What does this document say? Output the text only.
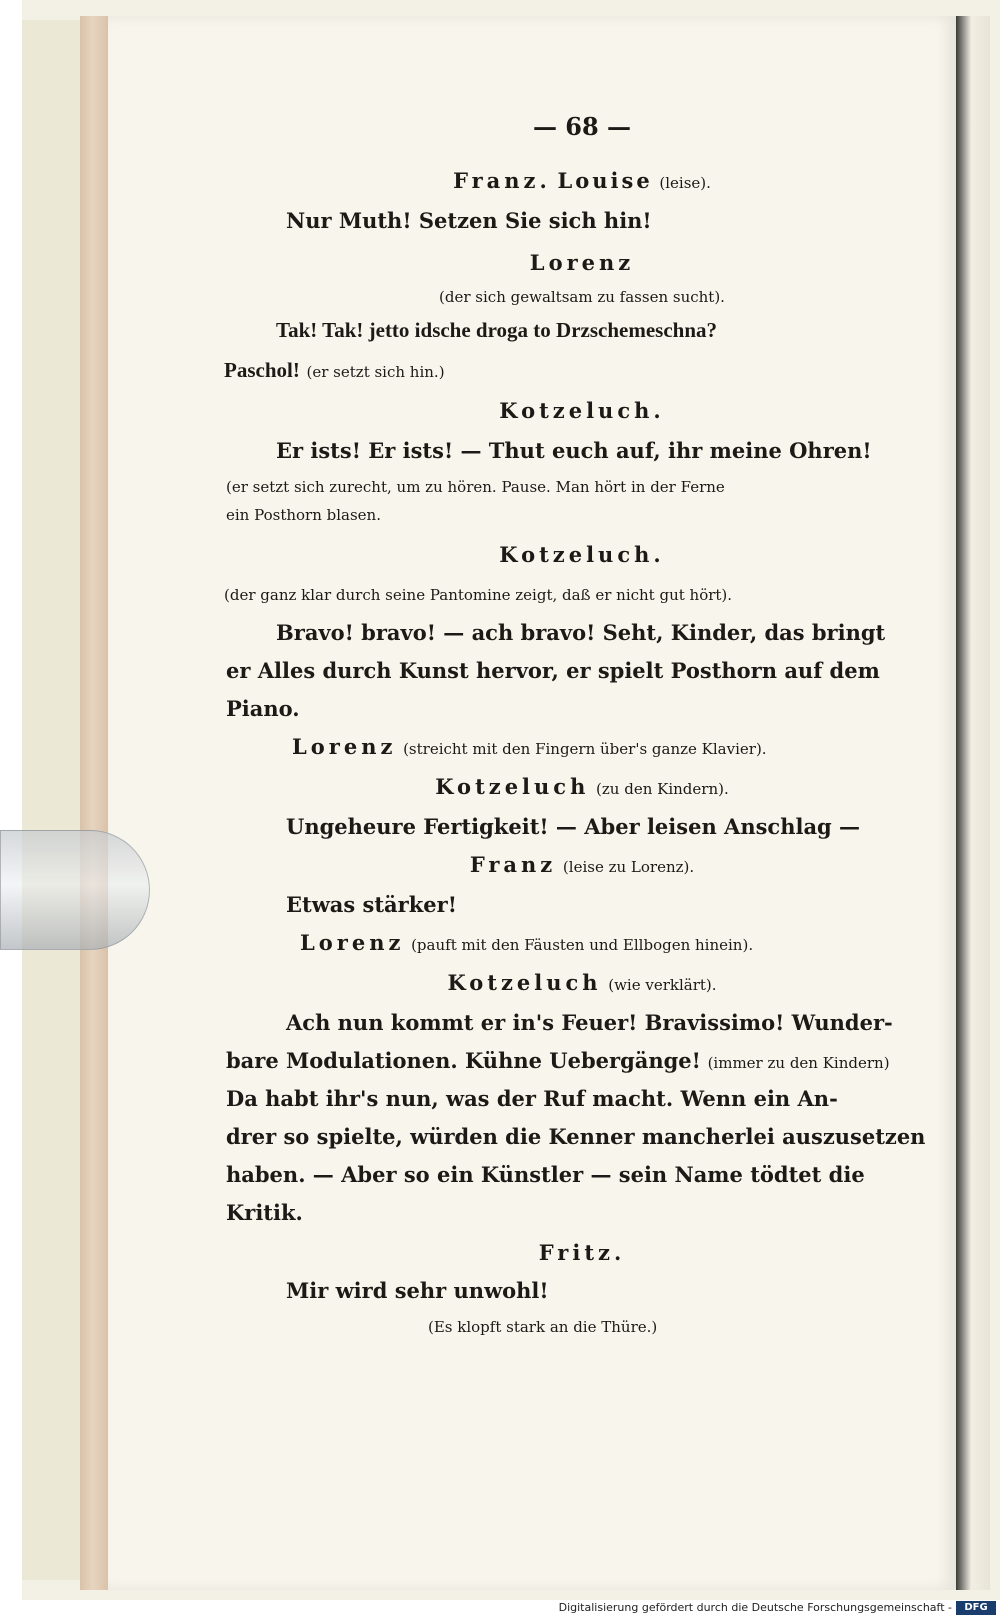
— 68 —
Franz. Louise (leise).
Nur Muth! Setzen Sie sich hin!
Lorenz
(der sich gewaltsam zu fassen sucht).
Tak! Tak! jetto idsche droga to Drzschemeschna?
Paschol! (er setzt sich hin.)
Kotzeluch.
Er ists! Er ists! — Thut euch auf, ihr meine Ohren!
(er setzt sich zurecht, um zu hören. Pause. Man hört in der Ferne
ein Posthorn blasen.
Kotzeluch.
(der ganz klar durch seine Pantomine zeigt, daß er nicht gut hört).
Bravo! bravo! — ach bravo! Seht, Kinder, das bringt
er Alles durch Kunst hervor, er spielt Posthorn auf dem
Piano.
Lorenz (streicht mit den Fingern über's ganze Klavier).
Kotzeluch (zu den Kindern).
Ungeheure Fertigkeit! — Aber leisen Anschlag —
Franz (leise zu Lorenz).
Etwas stärker!
Lorenz (pauft mit den Fäusten und Ellbogen hinein).
Kotzeluch (wie verklärt).
Ach nun kommt er in's Feuer! Bravissimo! Wunder-
bare Modulationen. Kühne Uebergänge! (immer zu den Kindern)
Da habt ihr's nun, was der Ruf macht. Wenn ein An-
drer so spielte, würden die Kenner mancherlei auszusetzen
haben. — Aber so ein Künstler — sein Name tödtet die
Kritik.
Fritz.
Mir wird sehr unwohl!
(Es klopft stark an die Thüre.)
Digitalisierung gefördert durch die Deutsche Forschungsgemeinschaft -	DFG
